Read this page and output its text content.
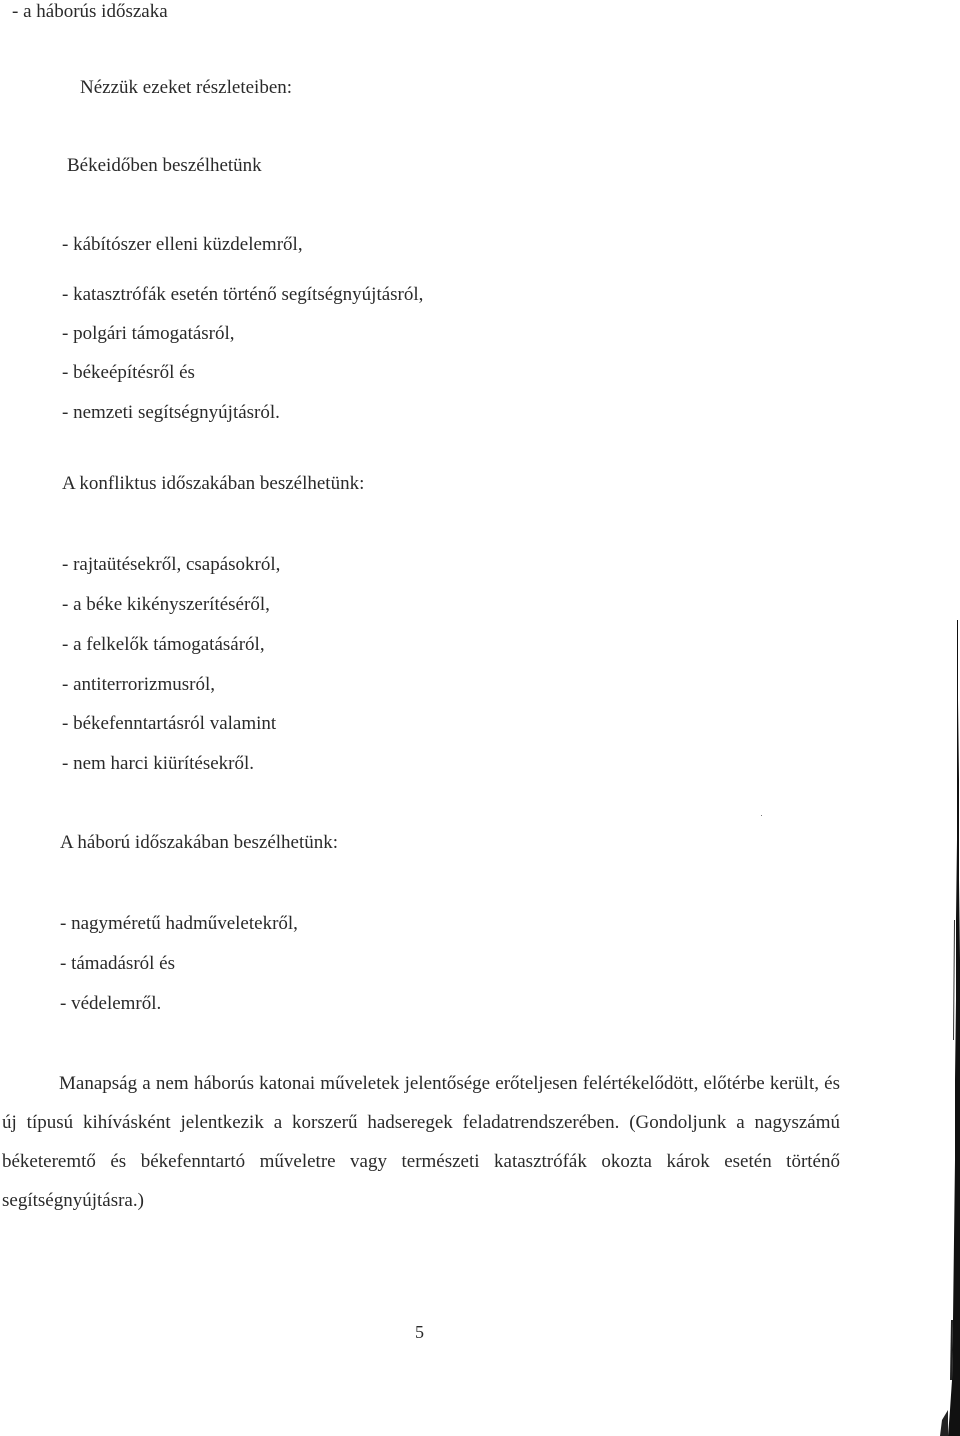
- a háborús időszaka
Nézzük ezeket részleteiben:
Békeidőben beszélhetünk
- kábítószer elleni küzdelemről,
- katasztrófák esetén történő segítségnyújtásról,
- polgári támogatásról,
- békeépítésről és
- nemzeti segítségnyújtásról.
A konfliktus időszakában beszélhetünk:
- rajtaütésekről, csapásokról,
- a béke kikényszerítéséről,
- a felkelők támogatásáról,
- antiterrorizmusról,
- békefenntartásról valamint
- nem harci kiürítésekről.
A háború időszakában beszélhetünk:
- nagyméretű hadműveletekről,
- támadásról és
- védelemről.
Manapság a nem háborús katonai műveletek jelentősége erőteljesen felértékelődött, előtérbe került, és új típusú kihívásként jelentkezik a korszerű hadseregek feladatrendszerében. (Gondoljunk a nagyszámú béketeremtő és békefenntartó műveletre vagy természeti katasztrófák okozta károk esetén történő segítségnyújtásra.)
5
